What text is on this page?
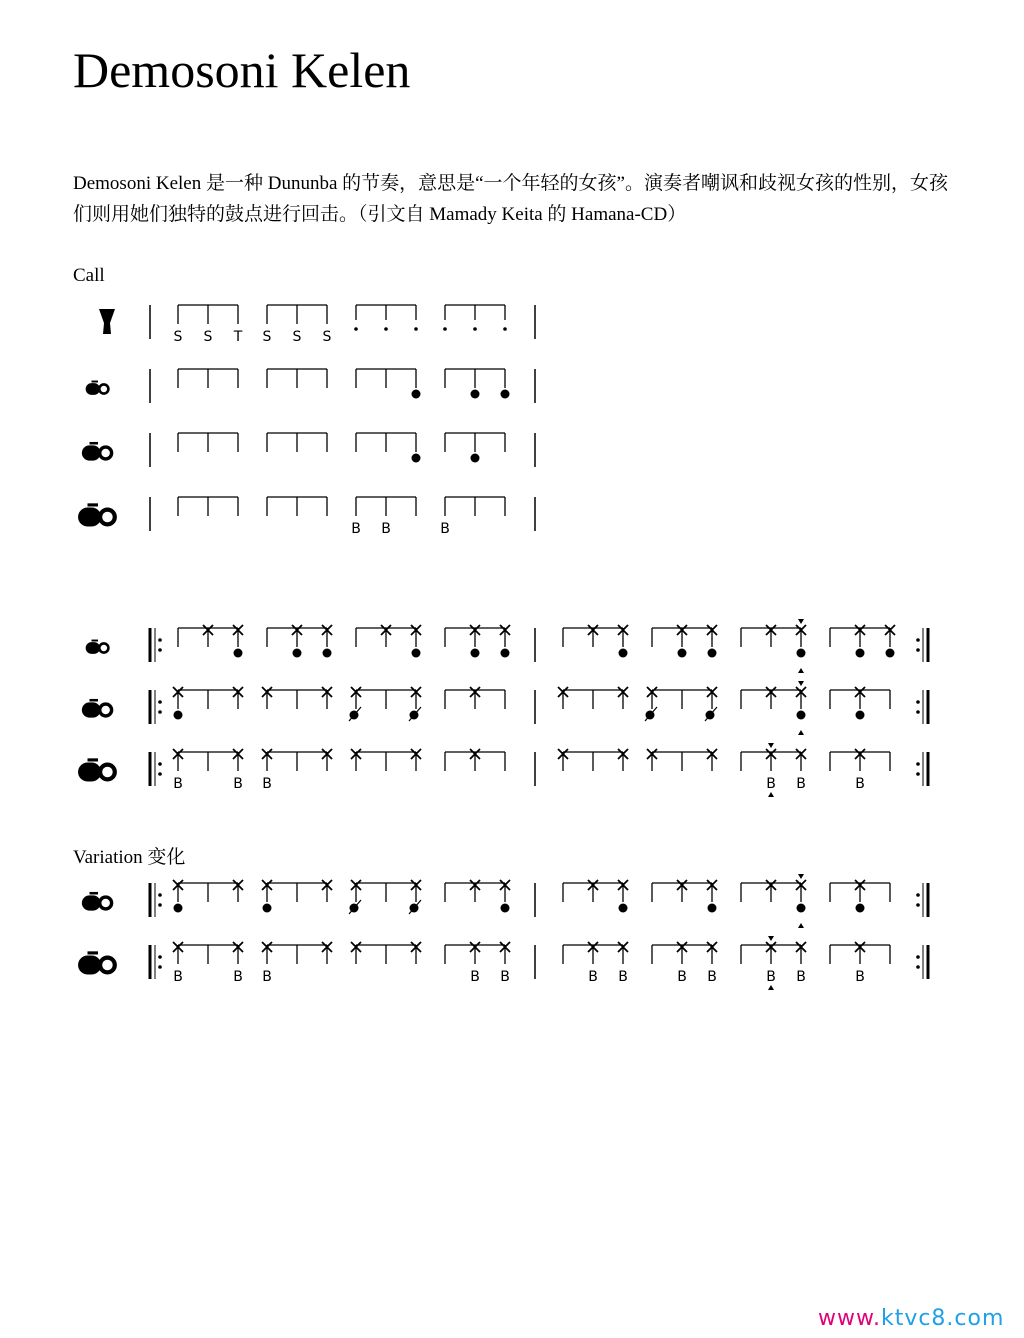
Demosoni Kelen
Demosoni Kelen 是一种 Dununba 的节奏，意思是“一个年轻的女孩”。演奏者嘲讽和歧视女孩的性别，女孩们则用她们独特的鼓点进行回击。（引文自 Mamady Keita 的 Hamana-CD）
Call
Variation 变化
S S T S S S
B B	B
B	B B	B B	B
B	B B	B B	B B	B B	B B	B
www.ktvc8.com
